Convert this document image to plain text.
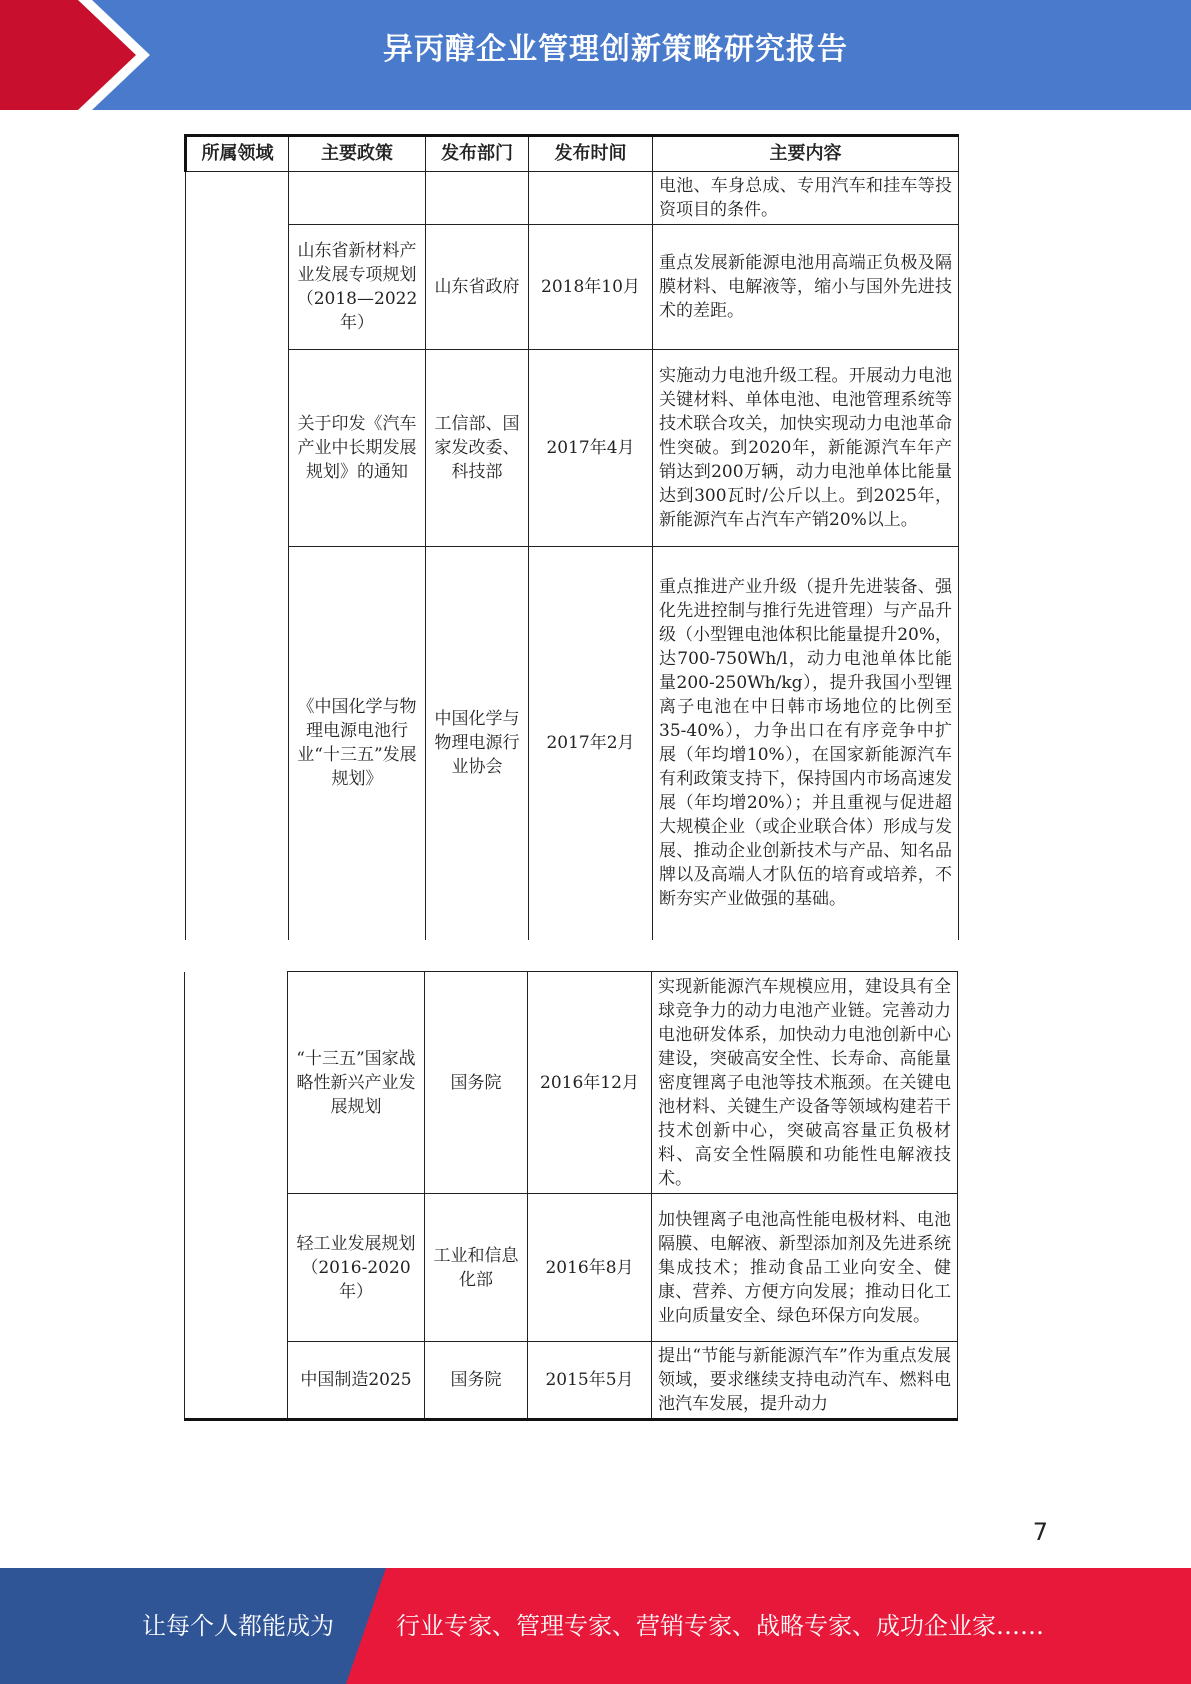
异丙醇企业管理创新策略研究报告
所属领域	主要政策	发布部门	发布时间	主要内容
				电池、车身总成、专用汽车和挂车等投资项目的条件。
	山东省新材料产业发展专项规划（2018—2022年）	山东省政府	2018年10月	重点发展新能源电池用高端正负极及隔膜材料、电解液等，缩小与国外先进技术的差距。
	关于印发《汽车产业中长期发展规划》的通知	工信部、国家发改委、科技部	2017年4月	实施动力电池升级工程。开展动力电池关键材料、单体电池、电池管理系统等技术联合攻关，加快实现动力电池革命性突破。到2020年，新能源汽车年产销达到200万辆，动力电池单体比能量达到300瓦时/公斤以上。到2025年，新能源汽车占汽车产销20%以上。
	《中国化学与物理电源电池行业“十三五”发展规划》	中国化学与物理电源行业协会	2017年2月	重点推进产业升级（提升先进装备、强化先进控制与推行先进管理）与产品升级（小型锂电池体积比能量提升20%，达700-750Wh/l，动力电池单体比能量200-250Wh/kg），提升我国小型锂离子电池在中日韩市场地位的比例至35-40%），力争出口在有序竞争中扩展（年均增10%），在国家新能源汽车有利政策支持下，保持国内市场高速发展（年均增20%）；并且重视与促进超大规模企业（或企业联合体）形成与发展、推动企业创新技术与产品、知名品牌以及高端人才队伍的培育或培养，不断夯实产业做强的基础。
	“十三五”国家战略性新兴产业发展规划	国务院	2016年12月	实现新能源汽车规模应用，建设具有全球竞争力的动力电池产业链。完善动力电池研发体系，加快动力电池创新中心建设，突破高安全性、长寿命、高能量密度锂离子电池等技术瓶颈。在关键电池材料、关键生产设备等领域构建若干技术创新中心，突破高容量正负极材料、高安全性隔膜和功能性电解液技术。
	轻工业发展规划（2016-2020年）	工业和信息化部	2016年8月	加快锂离子电池高性能电极材料、电池隔膜、电解液、新型添加剂及先进系统集成技术；推动食品工业向安全、健康、营养、方便方向发展；推动日化工业向质量安全、绿色环保方向发展。
	中国制造2025	国务院	2015年5月	提出“节能与新能源汽车”作为重点发展领域，要求继续支持电动汽车、燃料电池汽车发展，提升动力
7
让每个人都能成为	行业专家、管理专家、营销专家、战略专家、成功企业家……
